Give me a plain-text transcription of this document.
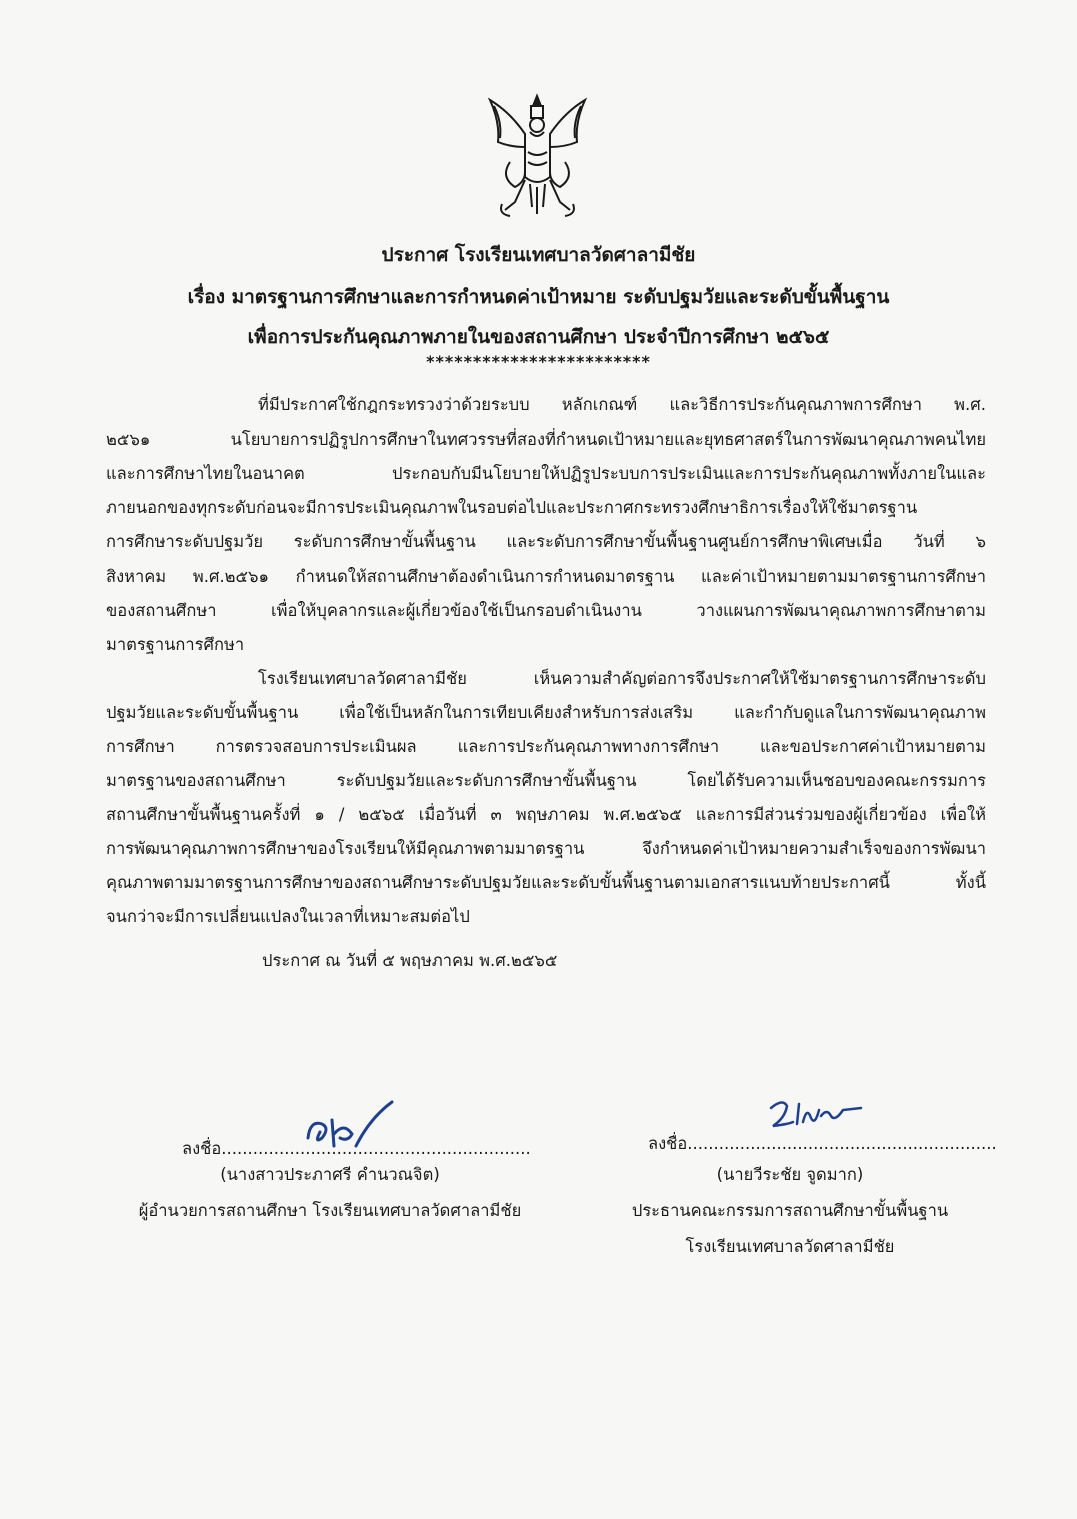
ประกาศ โรงเรียนเทศบาลวัดศาลามีชัย
เรื่อง มาตรฐานการศึกษาและการกำหนดค่าเป้าหมาย ระดับปฐมวัยและระดับขั้นพื้นฐาน
เพื่อการประกันคุณภาพภายในของสถานศึกษา ประจำปีการศึกษา ๒๕๖๕
************************
ที่มีประกาศใช้กฎกระทรวงว่าด้วยระบบ หลักเกณฑ์ และวิธีการประกันคุณภาพการศึกษา พ.ศ.
๒๕๖๑ นโยบายการปฏิรูปการศึกษาในทศวรรษที่สองที่กำหนดเป้าหมายและยุทธศาสตร์ในการพัฒนาคุณภาพคนไทย
และการศึกษาไทยในอนาคต ประกอบกับมีนโยบายให้ปฏิรูประบบการประเมินและการประกันคุณภาพทั้งภายในและ
ภายนอกของทุกระดับก่อนจะมีการประเมินคุณภาพในรอบต่อไปและประกาศกระทรวงศึกษาธิการเรื่องให้ใช้มาตรฐาน
การศึกษาระดับปฐมวัย ระดับการศึกษาขั้นพื้นฐาน และระดับการศึกษาขั้นพื้นฐานศูนย์การศึกษาพิเศษเมื่อ วันที่ ๖
สิงหาคม พ.ศ.๒๕๖๑ กำหนดให้สถานศึกษาต้องดำเนินการกำหนดมาตรฐาน และค่าเป้าหมายตามมาตรฐานการศึกษา
ของสถานศึกษา เพื่อให้บุคลากรและผู้เกี่ยวข้องใช้เป็นกรอบดำเนินงาน วางแผนการพัฒนาคุณภาพการศึกษาตาม
มาตรฐานการศึกษา
โรงเรียนเทศบาลวัดศาลามีชัย เห็นความสำคัญต่อการจึงประกาศให้ใช้มาตรฐานการศึกษาระดับ
ปฐมวัยและระดับขั้นพื้นฐาน เพื่อใช้เป็นหลักในการเทียบเคียงสำหรับการส่งเสริม และกำกับดูแลในการพัฒนาคุณภาพ
การศึกษา การตรวจสอบการประเมินผล และการประกันคุณภาพทางการศึกษา และขอประกาศค่าเป้าหมายตาม
มาตรฐานของสถานศึกษา ระดับปฐมวัยและระดับการศึกษาขั้นพื้นฐาน โดยได้รับความเห็นชอบของคณะกรรมการ
สถานศึกษาขั้นพื้นฐานครั้งที่ ๑ / ๒๕๖๕ เมื่อวันที่ ๓ พฤษภาคม พ.ศ.๒๕๖๕ และการมีส่วนร่วมของผู้เกี่ยวข้อง เพื่อให้
การพัฒนาคุณภาพการศึกษาของโรงเรียนให้มีคุณภาพตามมาตรฐาน จึงกำหนดค่าเป้าหมายความสำเร็จของการพัฒนา
คุณภาพตามมาตรฐานการศึกษาของสถานศึกษาระดับปฐมวัยและระดับขั้นพื้นฐานตามเอกสารแนบท้ายประกาศนี้ ทั้งนี้
จนกว่าจะมีการเปลี่ยนแปลงในเวลาที่เหมาะสมต่อไป
ประกาศ ณ วันที่ ๕ พฤษภาคม พ.ศ.๒๕๖๕
ลงชื่อ...........................................................
(นางสาวประภาศรี คำนวณจิต)
ผู้อำนวยการสถานศึกษา โรงเรียนเทศบาลวัดศาลามีชัย
ลงชื่อ...........................................................
(นายวีระชัย จูดมาก)
ประธานคณะกรรมการสถานศึกษาขั้นพื้นฐาน
โรงเรียนเทศบาลวัดศาลามีชัย
